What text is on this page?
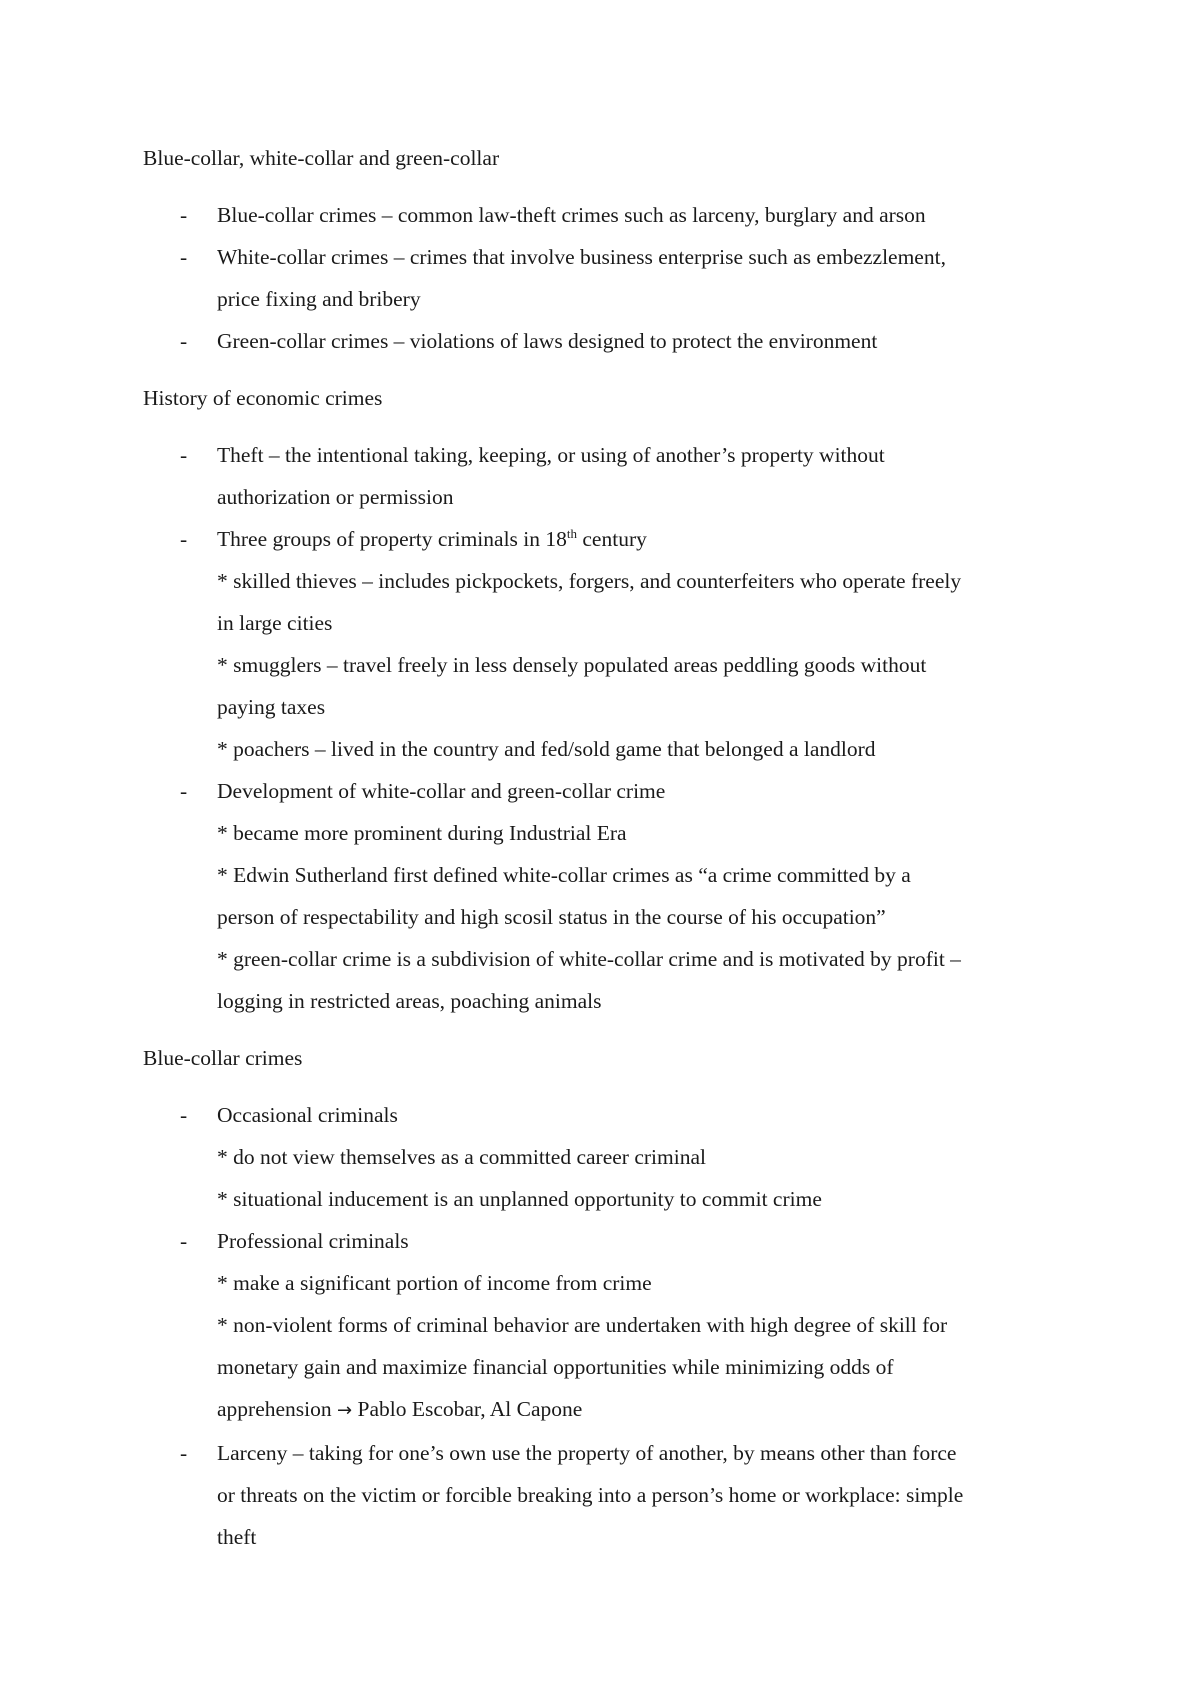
Blue-collar, white-collar and green-collar
- Blue-collar crimes – common law-theft crimes such as larceny, burglary and arson
- White-collar crimes – crimes that involve business enterprise such as embezzlement,
price fixing and bribery
- Green-collar crimes – violations of laws designed to protect the environment
History of economic crimes
- Theft – the intentional taking, keeping, or using of another’s property without
authorization or permission
- Three groups of property criminals in 18th century
* skilled thieves – includes pickpockets, forgers, and counterfeiters who operate freely
in large cities
* smugglers – travel freely in less densely populated areas peddling goods without
paying taxes
* poachers – lived in the country and fed/sold game that belonged a landlord
- Development of white-collar and green-collar crime
* became more prominent during Industrial Era
* Edwin Sutherland first defined white-collar crimes as “a crime committed by a
person of respectability and high scosil status in the course of his occupation”
* green-collar crime is a subdivision of white-collar crime and is motivated by profit –
logging in restricted areas, poaching animals
Blue-collar crimes
- Occasional criminals
* do not view themselves as a committed career criminal
* situational inducement is an unplanned opportunity to commit crime
- Professional criminals
* make a significant portion of income from crime
* non-violent forms of criminal behavior are undertaken with high degree of skill for
monetary gain and maximize financial opportunities while minimizing odds of
apprehension → Pablo Escobar, Al Capone
- Larceny – taking for one’s own use the property of another, by means other than force
or threats on the victim or forcible breaking into a person’s home or workplace: simple
theft
